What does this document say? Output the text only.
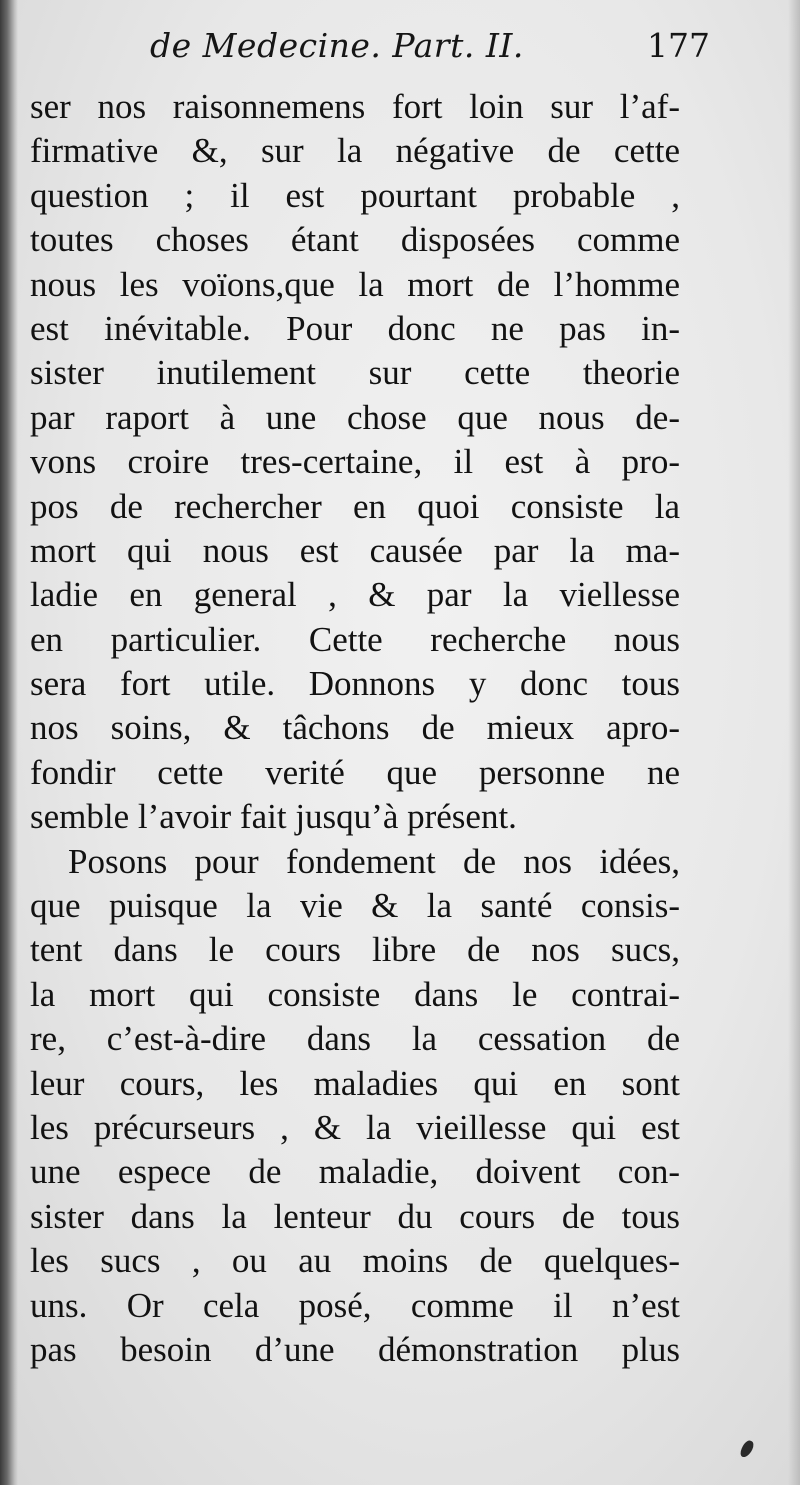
de Medecine. Part. II.	177
ser nos raisonnemens fort loin sur l’af-
firmative &, sur la négative de cette
question ; il est pourtant probable ,
toutes choses étant disposées comme
nous les voïons,que la mort de l’homme
est inévitable. Pour donc ne pas in-
sister inutilement sur cette theorie
par raport à une chose que nous de-
vons croire tres-certaine, il est à pro-
pos de rechercher en quoi consiste la
mort qui nous est causée par la ma-
ladie en general , & par la viellesse
en particulier. Cette recherche nous
sera fort utile. Donnons y donc tous
nos soins, & tâchons de mieux apro-
fondir cette verité que personne ne
semble l’avoir fait jusqu’à présent.
Posons pour fondement de nos idées,
que puisque la vie & la santé consis-
tent dans le cours libre de nos sucs,
la mort qui consiste dans le contrai-
re, c’est-à-dire dans la cessation de
leur cours, les maladies qui en sont
les précurseurs , & la vieillesse qui est
une espece de maladie, doivent con-
sister dans la lenteur du cours de tous
les sucs , ou au moins de quelques-
uns. Or cela posé, comme il n’est
pas besoin d’une démonstration plus
